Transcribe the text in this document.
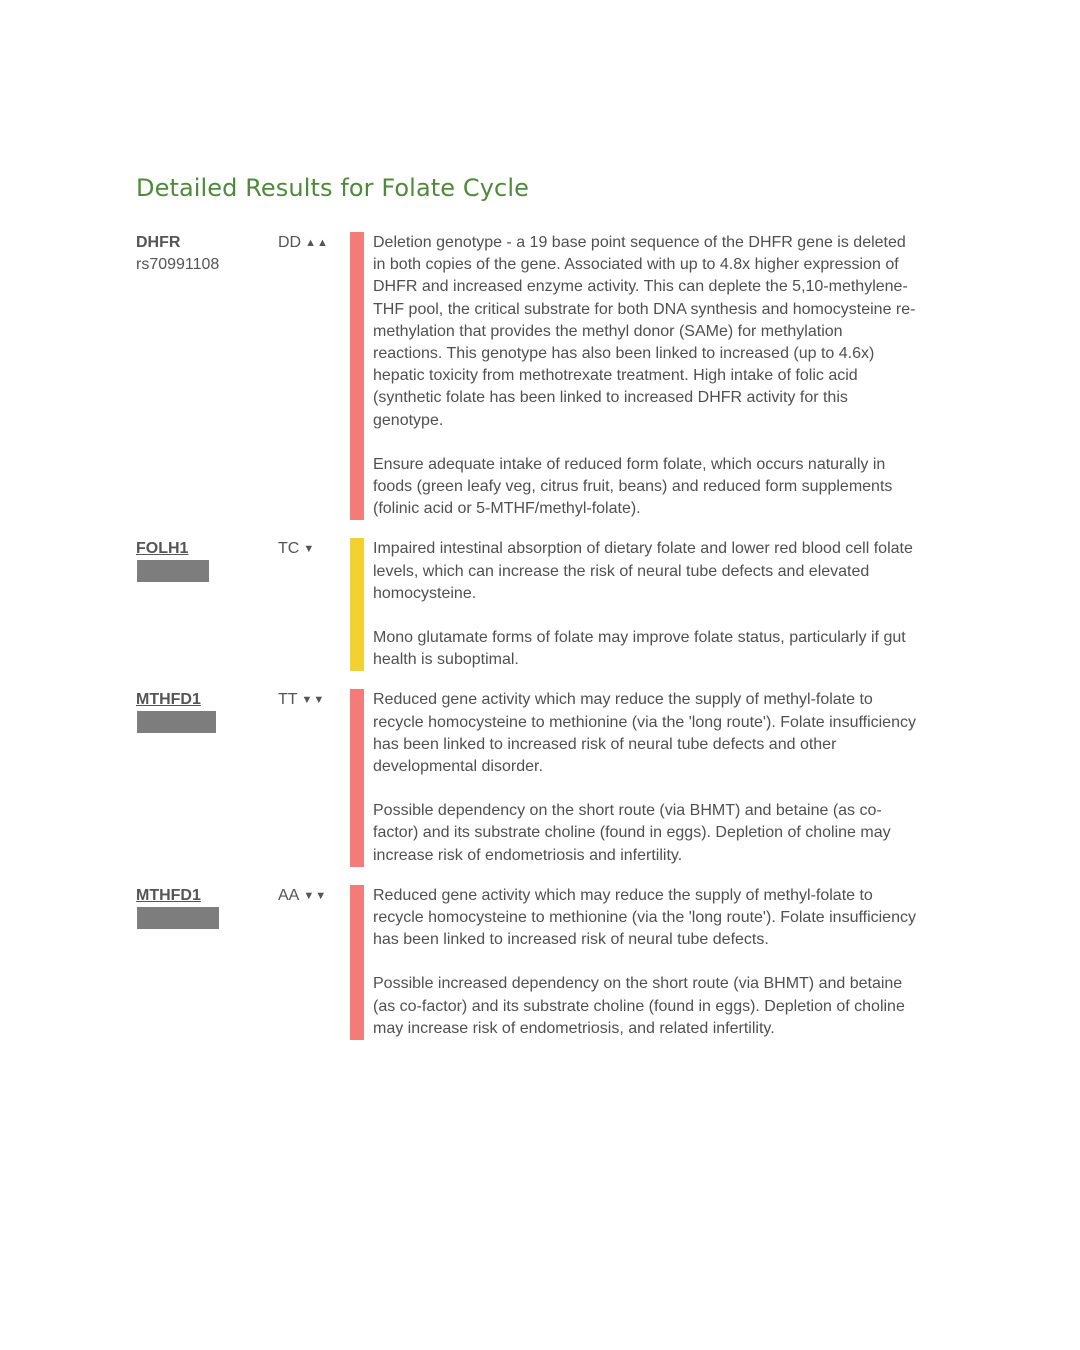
Detailed Results for Folate Cycle
DHFR
rs70991108
DD ▲▲	Deletion genotype - a 19 base point sequence of the DHFR gene is deleted in both copies of the gene. Associated with up to 4.8x higher expression of DHFR and increased enzyme activity. This can deplete the 5,10-methylene-THF pool, the critical substrate for both DNA synthesis and homocysteine re-methylation that provides the methyl donor (SAMe) for methylation reactions. This genotype has also been linked to increased (up to 4.6x) hepatic toxicity from methotrexate treatment. High intake of folic acid (synthetic folate has been linked to increased DHFR activity for this genotype.

Ensure adequate intake of reduced form folate, which occurs naturally in foods (green leafy veg, citrus fruit, beans) and reduced form supplements (folinic acid or 5-MTHF/methyl-folate).

FOLH1	TC ▼	Impaired intestinal absorption of dietary folate and lower red blood cell folate levels, which can increase the risk of neural tube defects and elevated homocysteine.

Mono glutamate forms of folate may improve folate status, particularly if gut health is suboptimal.

MTHFD1	TT ▼▼	Reduced gene activity which may reduce the supply of methyl-folate to recycle homocysteine to methionine (via the 'long route'). Folate insufficiency has been linked to increased risk of neural tube defects and other developmental disorder.

Possible dependency on the short route (via BHMT) and betaine (as co-factor) and its substrate choline (found in eggs). Depletion of choline may increase risk of endometriosis and infertility.

MTHFD1	AA ▼▼	Reduced gene activity which may reduce the supply of methyl-folate to recycle homocysteine to methionine (via the 'long route'). Folate insufficiency has been linked to increased risk of neural tube defects.

Possible increased dependency on the short route (via BHMT) and betaine (as co-factor) and its substrate choline (found in eggs). Depletion of choline may increase risk of endometriosis, and related infertility.
